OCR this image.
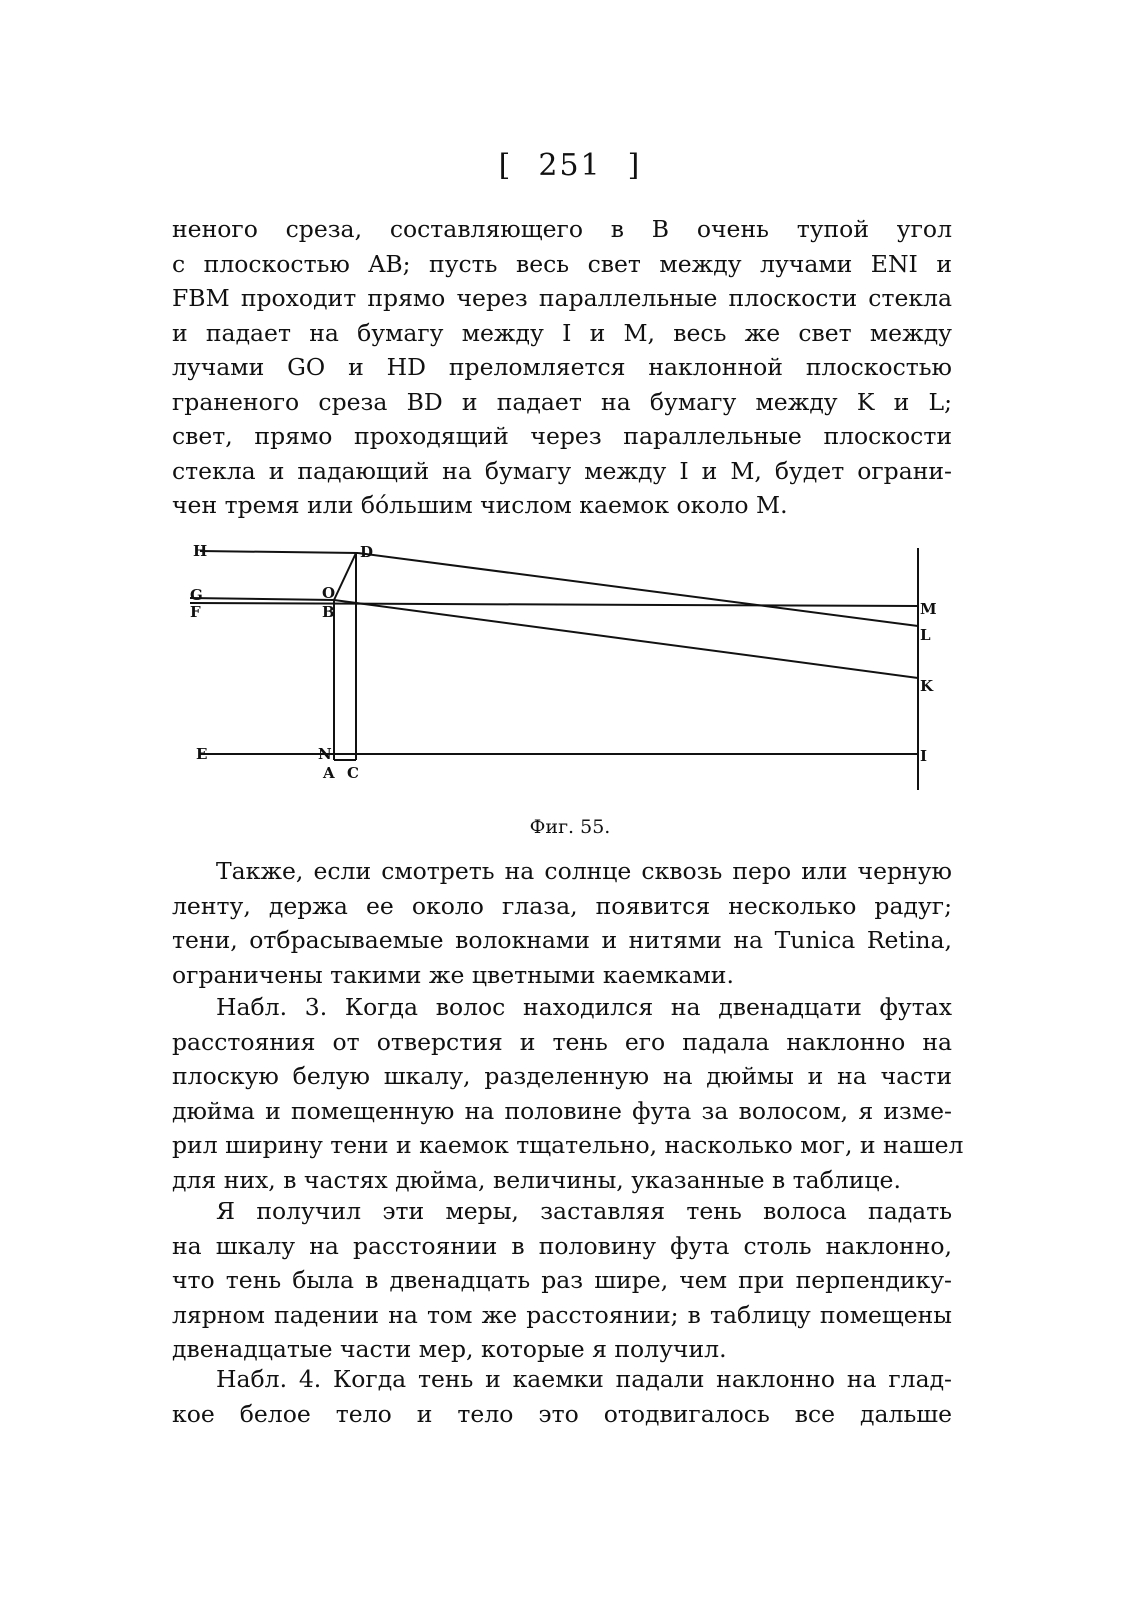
[ 251 ]
неного среза, составляющего в B очень тупой угол
с плоскостью AB; пусть весь свет между лучами ENI и
FBM проходит прямо через параллельные плоскости стекла
и падает на бумагу между I и M, весь же свет между
лучами GO и HD преломляется наклонной плоскостью
граненого среза BD и падает на бумагу между K и L;
свет, прямо проходящий через параллельные плоскости
стекла и падающий на бумагу между I и M, будет ограни-
чен тремя или бо́льшим числом каемок около M.
H	D
G	O
F	B	M
L
K
E	N
A C
I
Фиг. 55.
Также, если смотреть на солнце сквозь перо или черную
ленту, держа ее около глаза, появится несколько радуг;
тени, отбрасываемые волокнами и нитями на Tunica Retina,
ограничены такими же цветными каемками.
Набл. 3. Когда волос находился на двенадцати футах
расстояния от отверстия и тень его падала наклонно на
плоскую белую шкалу, разделенную на дюймы и на части
дюйма и помещенную на половине фута за волосом, я изме-
рил ширину тени и каемок тщательно, насколько мог, и нашел
для них, в частях дюйма, величины, указанные в таблице.
Я получил эти меры, заставляя тень волоса падать
на шкалу на расстоянии в половину фута столь наклонно,
что тень была в двенадцать раз шире, чем при перпендику-
лярном падении на том же расстоянии; в таблицу помещены
двенадцатые части мер, которые я получил.
Набл. 4. Когда тень и каемки падали наклонно на глад-
кое белое тело и тело это отодвигалось все дальше
